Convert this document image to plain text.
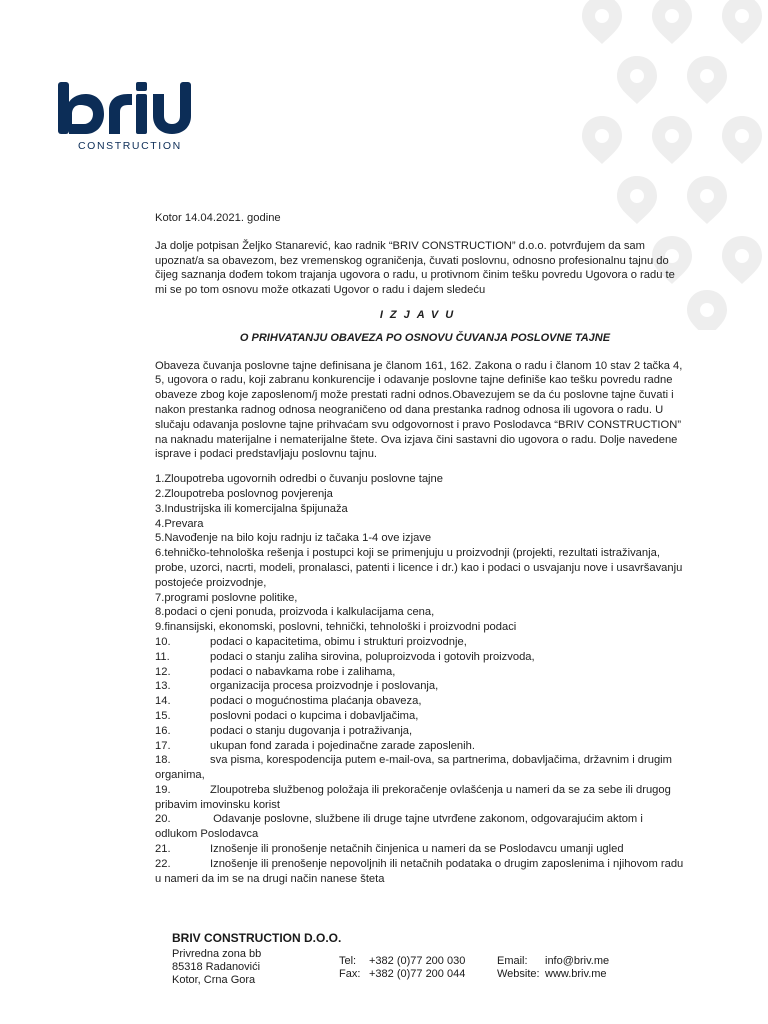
CONSTRUCTION

Kotor 14.04.2021. godine

Ja dolje potpisan Željko Stanarević, kao radnik “BRIV CONSTRUCTION” d.o.o. potvrđujem da sam upoznat/a sa obavezom, bez vremenskog ograničenja, čuvati poslovnu, odnosno profesionalnu tajnu do čijeg saznanja dođem tokom trajanja ugovora o radu, u protivnom činim tešku povredu Ugovora o radu te mi se po tom osnovu može otkazati Ugovor o radu i dajem sledeću

IZJAVU

O PRIHVATANJU OBAVEZA PO OSNOVU ČUVANJA POSLOVNE TAJNE

Obaveza čuvanja poslovne tajne definisana je članom 161, 162. Zakona o radu i članom 10 stav 2 tačka 4, 5, ugovora o radu, koji zabranu konkurencije i odavanje poslovne tajne definiše kao tešku povredu radne obaveze zbog koje zaposlenom/j može prestati radni odnos.Obavezujem se da ću poslovne tajne čuvati i nakon prestanka radnog odnosa neograničeno od dana prestanka radnog odnosa ili ugovora o radu. U slučaju odavanja poslovne tajne prihvaćam svu odgovornost i pravo Poslodavca “BRIV CONSTRUCTION” na naknadu materijalne i nematerijalne štete. Ova izjava čini sastavni dio ugovora o radu. Dolje navedene isprave i podaci predstavljaju poslovnu tajnu.

1.Zloupotreba ugovornih odredbi o čuvanju poslovne tajne
2.Zloupotreba poslovnog povjerenja
3.Industrijska ili komercijalna špijunaža
4.Prevara
5.Navođenje na bilo koju radnju iz tačaka 1-4 ove izjave
6.tehničko-tehnološka rešenja i postupci koji se primenjuju u proizvodnji (projekti, rezultati istraživanja, probe, uzorci, nacrti, modeli, pronalasci, patenti i licence i dr.) kao i podaci o usvajanju nove i usavršavanju postojeće proizvodnje,
7.programi poslovne politike,
8.podaci o cjeni ponuda, proizvoda i kalkulacijama cena,
9.finansijski, ekonomski, poslovni, tehnički, tehnološki i proizvodni podaci
10.	podaci o kapacitetima, obimu i strukturi proizvodnje,
11.	podaci o stanju zaliha sirovina, poluproizvoda i gotovih proizvoda,
12.	podaci o nabavkama robe i zalihama,
13.	organizacija procesa proizvodnje i poslovanja,
14.	podaci o mogućnostima plaćanja obaveza,
15.	poslovni podaci o kupcima i dobavljačima,
16.	podaci o stanju dugovanja i potraživanja,
17.	ukupan fond zarada i pojedinačne zarade zaposlenih.
18.	sva pisma, korespodencija putem e-mail-ova, sa partnerima, dobavljačima, državnim i drugim organima,
19.	Zloupotreba službenog položaja ili prekoračenje ovlašćenja u nameri da se za sebe ili drugog pribavim imovinsku korist
20.	Odavanje poslovne, službene ili druge tajne utvrđene zakonom, odgovarajućim aktom i odlukom Poslodavca
21.	Iznošenje ili pronošenje netačnih činjenica u nameri da se Poslodavcu umanji ugled
22.	Iznošenje ili prenošenje nepovoljnih ili netačnih podataka o drugim zaposlenima i njihovom radu u nameri da im se na drugi način nanese šteta
BRIV CONSTRUCTION D.O.O.
Privredna zona bb
85318 Radanovići
Kotor, Crna Gora
Tel: +382 (0)77 200 030
Fax: +382 (0)77 200 044
Email: info@briv.me
Website: www.briv.me
